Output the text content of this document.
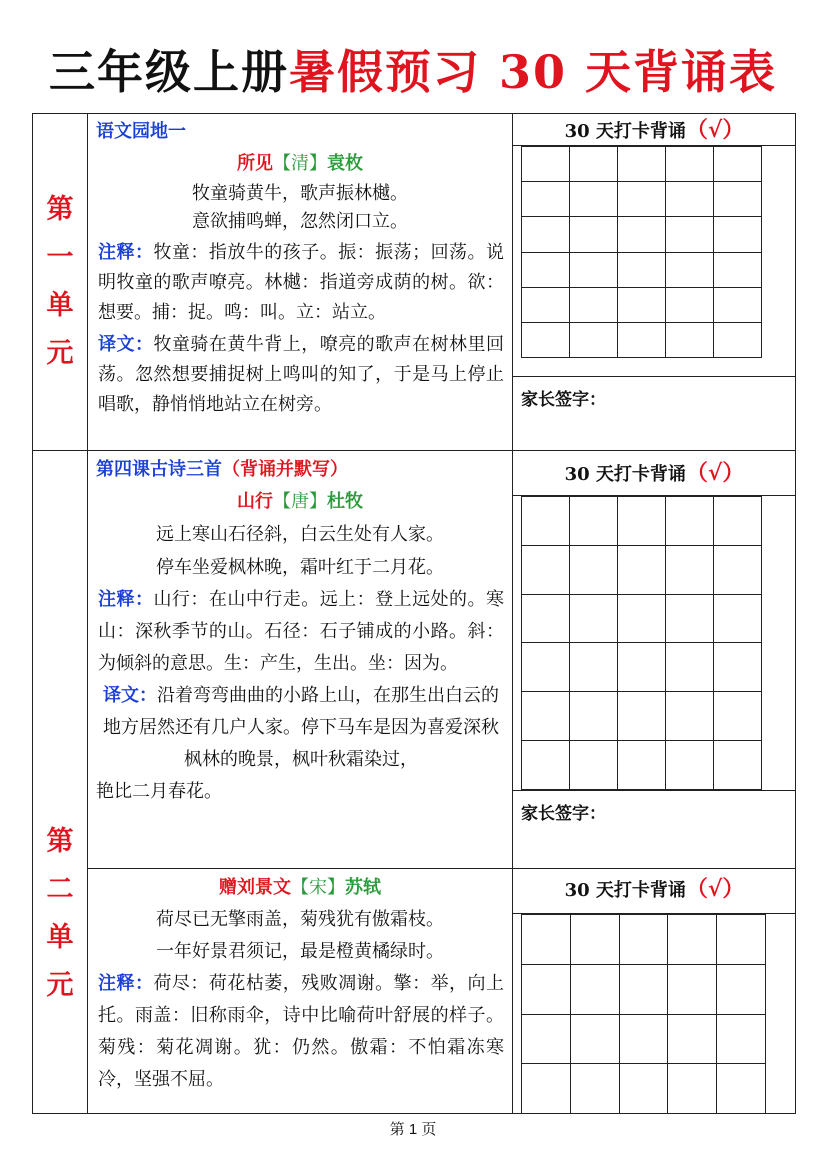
三年级上册暑假预习 30 天背诵表
第
一
单
元
第
二
单
元
语文园地一
所见【清】袁枚
牧童骑黄牛，歌声振林樾。
意欲捕鸣蝉，忽然闭口立。
注释：牧童：指放牛的孩子。振：振荡；回荡。说明牧童的歌声嘹亮。林樾：指道旁成荫的树。欲：想要。捕：捉。鸣：叫。立：站立。
译文：牧童骑在黄牛背上，嘹亮的歌声在树林里回荡。忽然想要捕捉树上鸣叫的知了，于是马上停止唱歌，静悄悄地站立在树旁。
第四课古诗三首（背诵并默写）
山行【唐】杜牧
远上寒山石径斜，白云生处有人家。
停车坐爱枫林晚，霜叶红于二月花。
注释：山行：在山中行走。远上：登上远处的。寒山：深秋季节的山。石径：石子铺成的小路。斜：为倾斜的意思。生：产生，生出。坐：因为。
译文：沿着弯弯曲曲的小路上山，在那生出白云的地方居然还有几户人家。停下马车是因为喜爱深秋枫林的晚景，枫叶秋霜染过，
艳比二月春花。
赠刘景文【宋】苏轼
荷尽已无擎雨盖，菊残犹有傲霜枝。
一年好景君须记，最是橙黄橘绿时。
注释：荷尽：荷花枯萎，残败凋谢。擎：举，向上托。雨盖：旧称雨伞，诗中比喻荷叶舒展的样子。菊残：菊花凋谢。犹：仍然。傲霜：不怕霜冻寒冷，坚强不屈。
30 天打卡背诵（√）
家长签字：
30 天打卡背诵（√）
家长签字：
30 天打卡背诵（√）
第 1 页
